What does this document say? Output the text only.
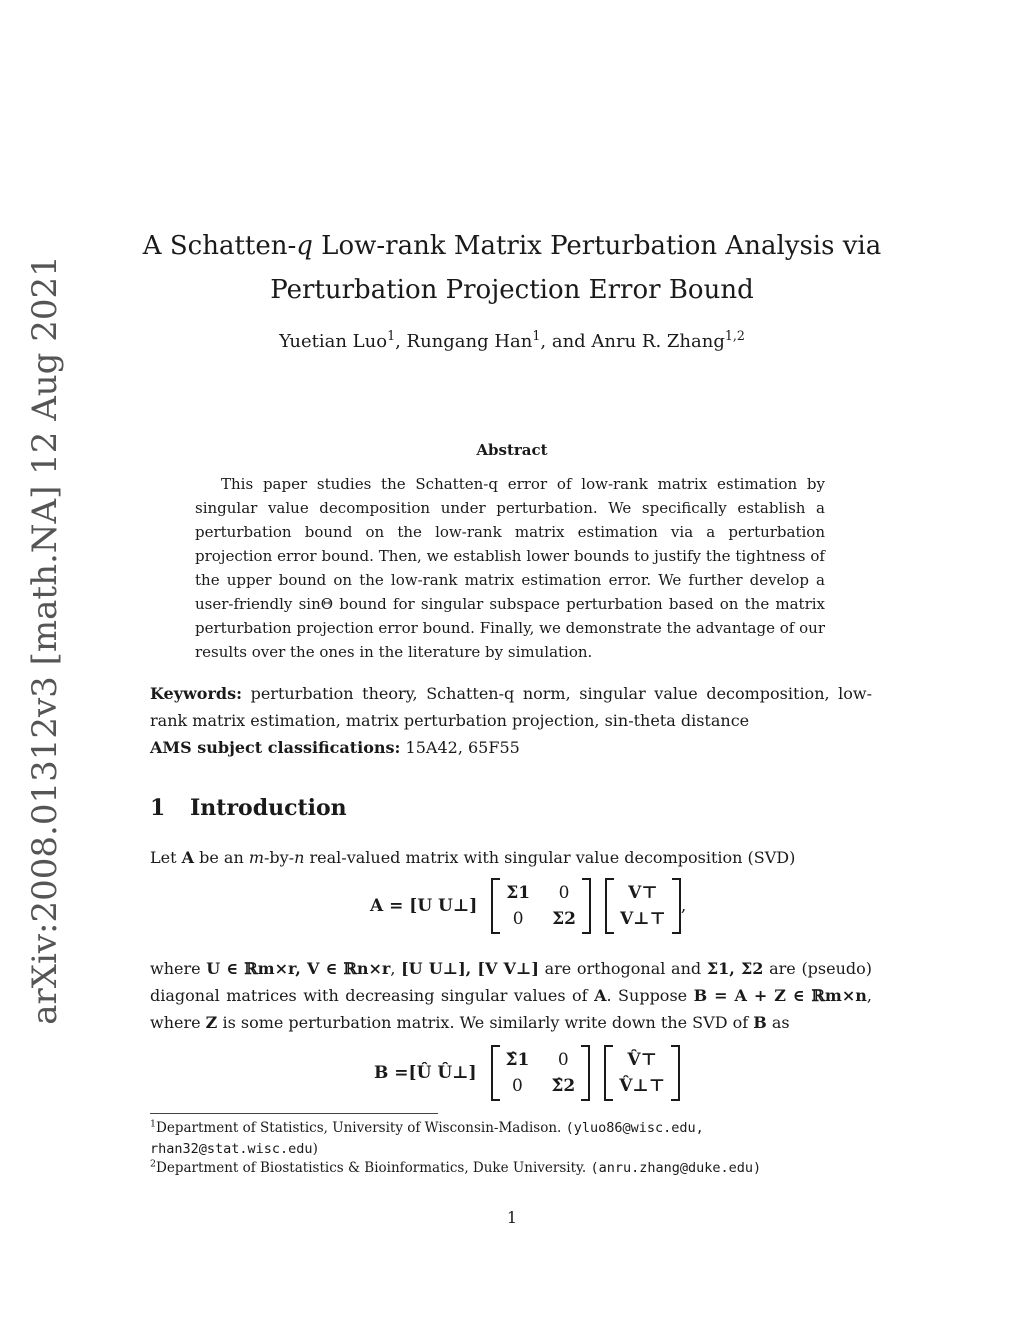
arXiv:2008.01312v3 [math.NA] 12 Aug 2021
A Schatten-q Low-rank Matrix Perturbation Analysis via
Perturbation Projection Error Bound
Yuetian Luo$^1$, Rungang Han$^1$, and Anru R. Zhang$^{1,2}$
Abstract
This paper studies the Schatten-q error of low-rank matrix estimation by singular value decomposition under perturbation. We specifically establish a perturbation bound on the low-rank matrix estimation via a perturbation projection error bound. Then, we establish lower bounds to justify the tightness of the upper bound on the low-rank matrix estimation error. We further develop a user-friendly sinΘ bound for singular subspace perturbation based on the matrix perturbation projection error bound. Finally, we demonstrate the advantage of our results over the ones in the literature by simulation.
Keywords: perturbation theory, Schatten-q norm, singular value decomposition, low-rank matrix estimation, matrix perturbation projection, sin-theta distance
AMS subject classifications: 15A42, 65F55
1 Introduction
Let A be an m-by-n real-valued matrix with singular value decomposition (SVD)
A = [U U⊥]
Σ1	0
0	Σ2
V⊤
V⊥⊤
,
where U ∈ ℝm×r, V ∈ ℝn×r, [U U⊥], [V V⊥] are orthogonal and Σ1, Σ2 are (pseudo) diagonal matrices with decreasing singular values of A. Suppose B = A + Z ∈ ℝm×n, where Z is some perturbation matrix. We similarly write down the SVD of B as
B =[Û Û⊥]
Σ̂1	0
0	Σ̂2
V̂⊤
V̂⊥⊤
$^1$Department of Statistics, University of Wisconsin-Madison. (yluo86@wisc.edu,
rhan32@stat.wisc.edu)
$^2$Department of Biostatistics & Bioinformatics, Duke University. (anru.zhang@duke.edu)
1
